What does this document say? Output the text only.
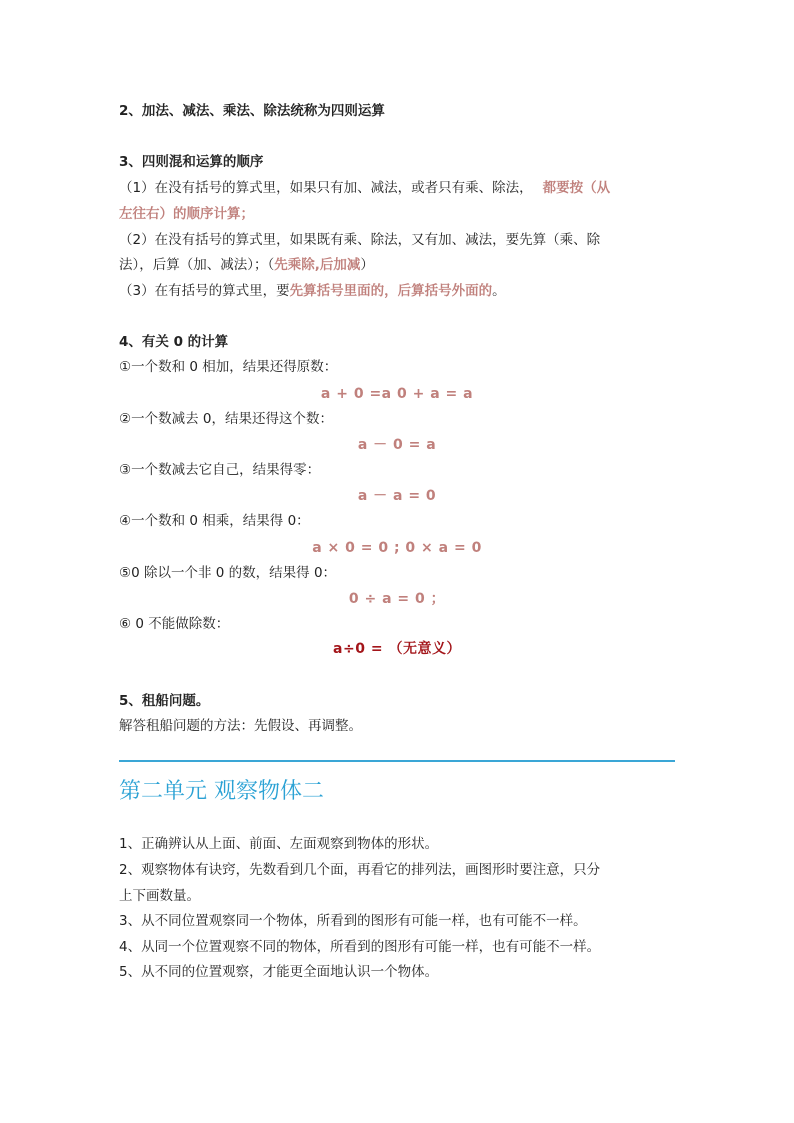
2、加法、减法、乘法、除法统称为四则运算
3、四则混和运算的顺序
（1）在没有括号的算式里，如果只有加、减法，或者只有乘、除法， 都要按（从
左往右）的顺序计算；
（2）在没有括号的算式里，如果既有乘、除法，又有加、减法，要先算（乘、除
法），后算（加、减法）；（先乘除,后加减）
（3）在有括号的算式里，要先算括号里面的，后算括号外面的。
4、有关 0 的计算
①一个数和 0 相加，结果还得原数：
a + 0 =a 0 + a = a
②一个数减去 0，结果还得这个数：
a － 0 = a
③一个数减去它自己，结果得零：
a － a = 0
④一个数和 0 相乘，结果得 0：
a × 0 = 0 ; 0 × a = 0
⑤0 除以一个非 0 的数，结果得 0：
0 ÷ a = 0 ；
⑥ 0 不能做除数：
a÷0 = （无意义）
5、租船问题。
解答租船问题的方法：先假设、再调整。
第二单元 观察物体二
1、正确辨认从上面、前面、左面观察到物体的形状。
2、观察物体有诀窍，先数看到几个面，再看它的排列法，画图形时要注意，只分
上下画数量。
3、从不同位置观察同一个物体，所看到的图形有可能一样，也有可能不一样。
4、从同一个位置观察不同的物体，所看到的图形有可能一样，也有可能不一样。
5、从不同的位置观察，才能更全面地认识一个物体。
